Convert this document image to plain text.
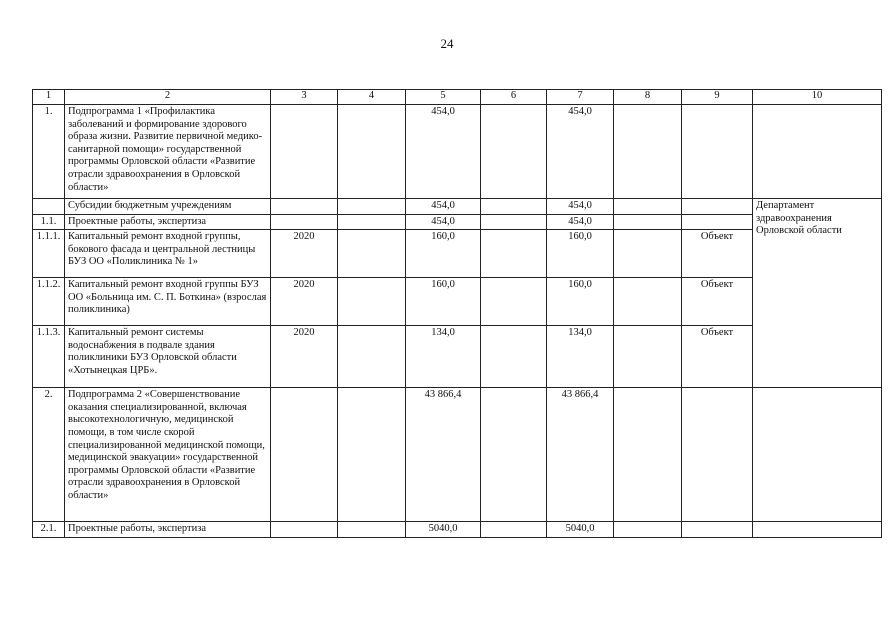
24
1	2	3	4	5	6	7	8	9	10
1.	Подпрограмма 1 «Профилактика заболеваний и формирование здорового образа жизни. Развитие первичной медико-санитарной помощи» государственной программы Орловской области «Развитие отрасли здравоохранения в Орловской области»			454,0		454,0			
	Субсидии бюджетным учреждениям			454,0		454,0			Департамент здравоохранения Орловской области
1.1.	Проектные работы, экспертиза			454,0		454,0			
1.1.1.	Капитальный ремонт входной группы, бокового фасада и центральной лестницы БУЗ ОО «Поликлиника № 1»	2020		160,0		160,0		Объект	
1.1.2.	Капитальный ремонт входной группы БУЗ ОО «Больница им. С. П. Боткина» (взрослая поликлиника)	2020		160,0		160,0		Объект	
1.1.3.	Капитальный ремонт системы водоснабжения в подвале здания поликлиники БУЗ Орловской области «Хотынецкая ЦРБ».	2020		134,0		134,0		Объект	
2.	Подпрограмма 2 «Совершенствование оказания специализированной, включая высокотехнологичную, медицинской помощи, в том числе скорой специализированной медицинской помощи, медицинской эвакуации» государственной программы Орловской области «Развитие отрасли здравоохранения в Орловской области»			43 866,4		43 866,4			
2.1.	Проектные работы, экспертиза			5040,0		5040,0			
